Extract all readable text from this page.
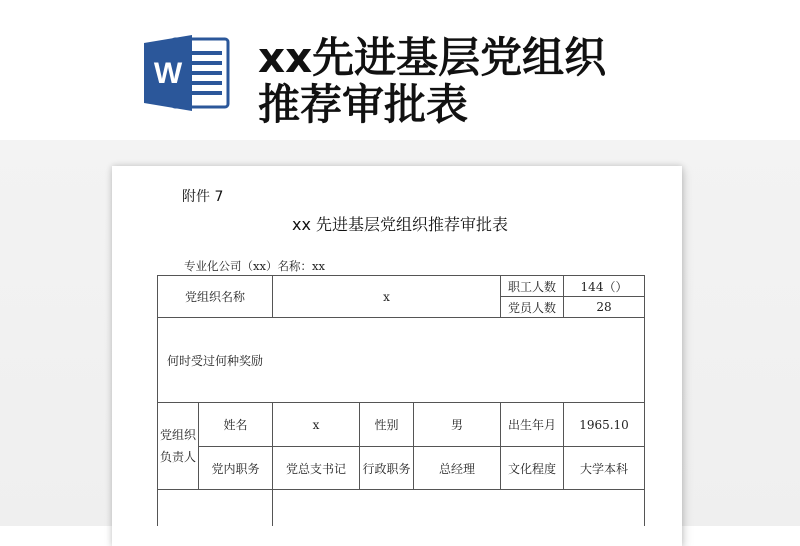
W xx先进基层党组织
推荐审批表
附件 7
xx 先进基层党组织推荐审批表
专业化公司（xx）名称：xx
党组织名称	x
职工人数	144（）
党员人数	28
何时受过何种奖励
党组织
负责人
姓名	x	性别	男	出生年月	1965.10
党内职务	党总支书记	行政职务	总经理	文化程度	大学本科
